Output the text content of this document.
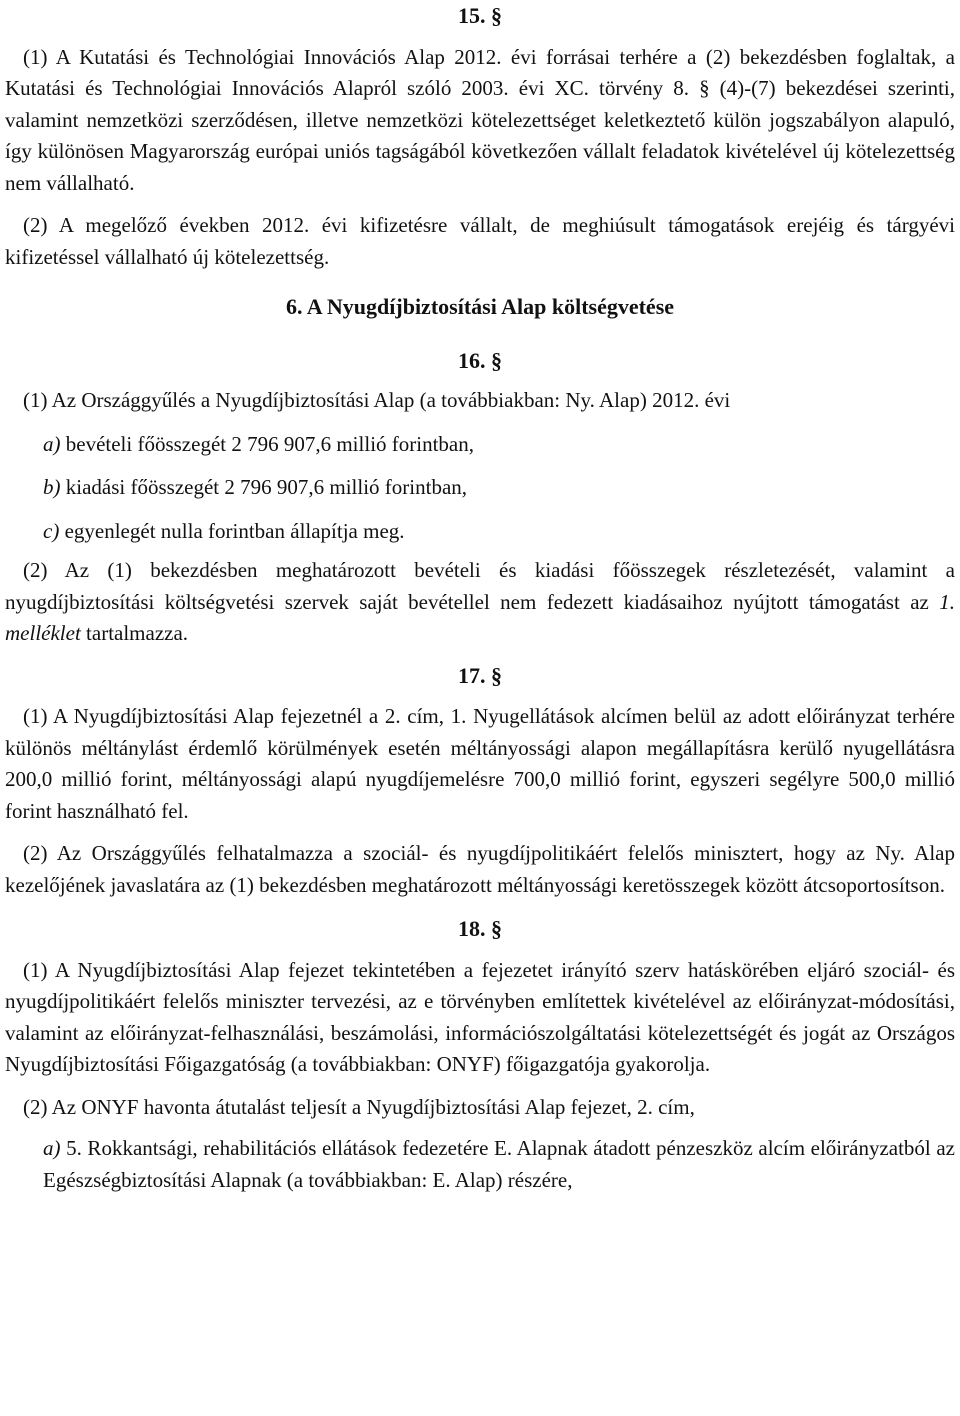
15. §

(1) A Kutatási és Technológiai Innovációs Alap 2012. évi forrásai terhére a (2) bekezdésben foglaltak, a Kutatási és Technológiai Innovációs Alapról szóló 2003. évi XC. törvény 8. § (4)-(7) bekezdései szerinti, valamint nemzetközi szerződésen, illetve nemzetközi kötelezettséget keletkeztető külön jogszabályon alapuló, így különösen Magyarország európai uniós tagságából következően vállalt feladatok kivételével új kötelezettség nem vállalható.

(2) A megelőző években 2012. évi kifizetésre vállalt, de meghiúsult támogatások erejéig és tárgyévi kifizetéssel vállalható új kötelezettség.

6. A Nyugdíjbiztosítási Alap költségvetése
16. §

(1) Az Országgyűlés a Nyugdíjbiztosítási Alap (a továbbiakban: Ny. Alap) 2012. évi

a) bevételi főösszegét 2 796 907,6 millió forintban,

b) kiadási főösszegét 2 796 907,6 millió forintban,

c) egyenlegét nulla forintban állapítja meg.

(2) Az (1) bekezdésben meghatározott bevételi és kiadási főösszegek részletezését, valamint a nyugdíjbiztosítási költségvetési szervek saját bevétellel nem fedezett kiadásaihoz nyújtott támogatást az 1. melléklet tartalmazza.

17. §

(1) A Nyugdíjbiztosítási Alap fejezetnél a 2. cím, 1. Nyugellátások alcímen belül az adott előirányzat terhére különös méltánylást érdemlő körülmények esetén méltányossági alapon megállapításra kerülő nyugellátásra 200,0 millió forint, méltányossági alapú nyugdíjemelésre 700,0 millió forint, egyszeri segélyre 500,0 millió forint használható fel.

(2) Az Országgyűlés felhatalmazza a szociál- és nyugdíjpolitikáért felelős minisztert, hogy az Ny. Alap kezelőjének javaslatára az (1) bekezdésben meghatározott méltányossági keretösszegek között átcsoportosítson.

18. §

(1) A Nyugdíjbiztosítási Alap fejezet tekintetében a fejezetet irányító szerv hatáskörében eljáró szociál- és nyugdíjpolitikáért felelős miniszter tervezési, az e törvényben említettek kivételével az előirányzat-módosítási, valamint az előirányzat-felhasználási, beszámolási, információszolgáltatási kötelezettségét és jogát az Országos Nyugdíjbiztosítási Főigazgatóság (a továbbiakban: ONYF) főigazgatója gyakorolja.

(2) Az ONYF havonta átutalást teljesít a Nyugdíjbiztosítási Alap fejezet, 2. cím,

a) 5. Rokkantsági, rehabilitációs ellátások fedezetére E. Alapnak átadott pénzeszköz alcím előirányzatból az Egészségbiztosítási Alapnak (a továbbiakban: E. Alap) részére,
